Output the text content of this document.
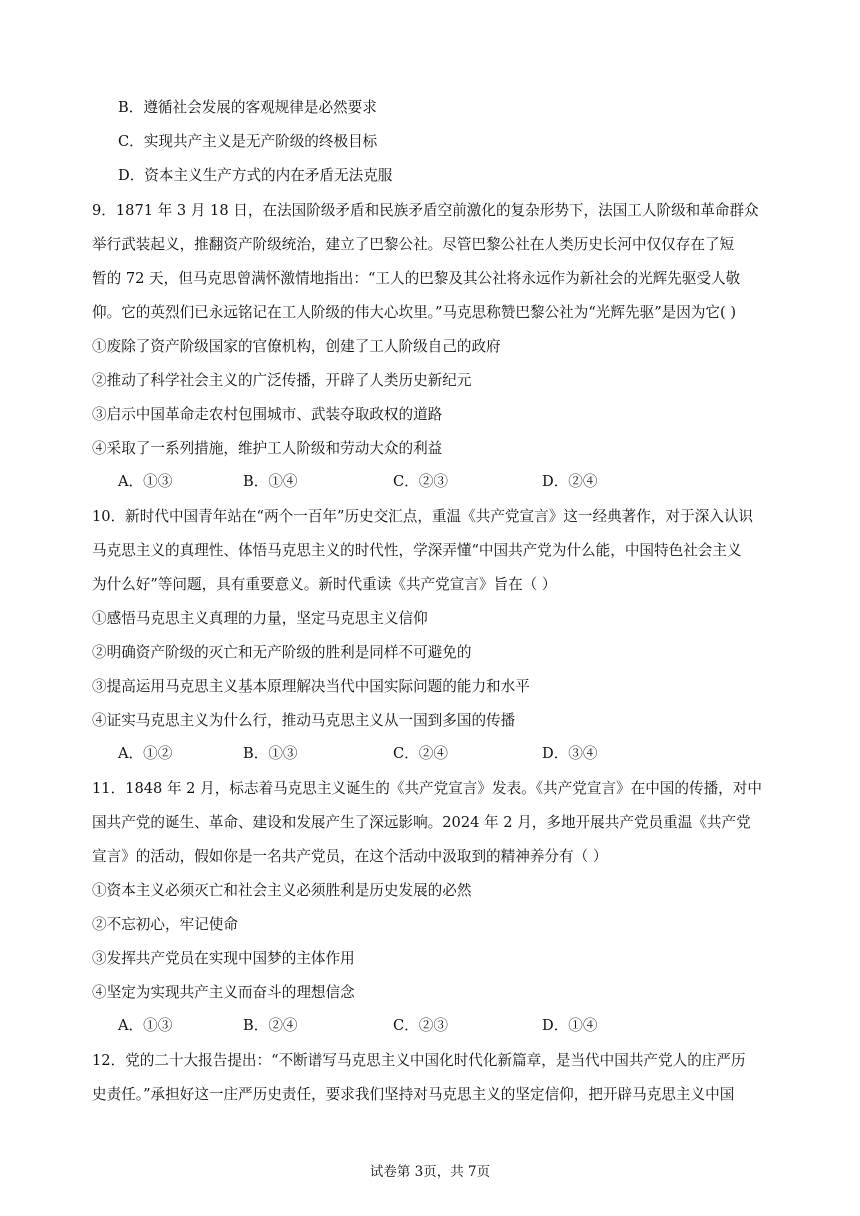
B．遵循社会发展的客观规律是必然要求
C．实现共产主义是无产阶级的终极目标
D．资本主义生产方式的内在矛盾无法克服
9．1871 年 3 月 18 日，在法国阶级矛盾和民族矛盾空前激化的复杂形势下，法国工人阶级和革命群众
举行武装起义，推翻资产阶级统治，建立了巴黎公社。尽管巴黎公社在人类历史长河中仅仅存在了短
暂的 72 天，但马克思曾满怀激情地指出：“工人的巴黎及其公社将永远作为新社会的光辉先驱受人敬
仰。它的英烈们已永远铭记在工人阶级的伟大心坎里。”马克思称赞巴黎公社为“光辉先驱”是因为它( )
①废除了资产阶级国家的官僚机构，创建了工人阶级自己的政府
②推动了科学社会主义的广泛传播，开辟了人类历史新纪元
③启示中国革命走农村包围城市、武装夺取政权的道路
④采取了一系列措施，维护工人阶级和劳动大众的利益
A．①③	B．①④	C．②③	D．②④
10．新时代中国青年站在“两个一百年”历史交汇点，重温《共产党宣言》这一经典著作，对于深入认识
马克思主义的真理性、体悟马克思主义的时代性，学深弄懂“中国共产党为什么能，中国特色社会主义
为什么好”等问题，具有重要意义。新时代重读《共产党宣言》旨在（ ）
①感悟马克思主义真理的力量，坚定马克思主义信仰
②明确资产阶级的灭亡和无产阶级的胜利是同样不可避免的
③提高运用马克思主义基本原理解决当代中国实际问题的能力和水平
④证实马克思主义为什么行，推动马克思主义从一国到多国的传播
A．①②	B．①③	C．②④	D．③④
11．1848 年 2 月，标志着马克思主义诞生的《共产党宣言》发表。《共产党宣言》在中国的传播，对中
国共产党的诞生、革命、建设和发展产生了深远影响。2024 年 2 月，多地开展共产党员重温《共产党
宣言》的活动，假如你是一名共产党员，在这个活动中汲取到的精神养分有（ ）
①资本主义必须灭亡和社会主义必须胜利是历史发展的必然
②不忘初心，牢记使命
③发挥共产党员在实现中国梦的主体作用
④坚定为实现共产主义而奋斗的理想信念
A．①③	B．②④	C．②③	D．①④
12．党的二十大报告提出：“不断谱写马克思主义中国化时代化新篇章，是当代中国共产党人的庄严历
史责任。”承担好这一庄严历史责任，要求我们坚持对马克思主义的坚定信仰，把开辟马克思主义中国
试卷第 3页，共 7页
